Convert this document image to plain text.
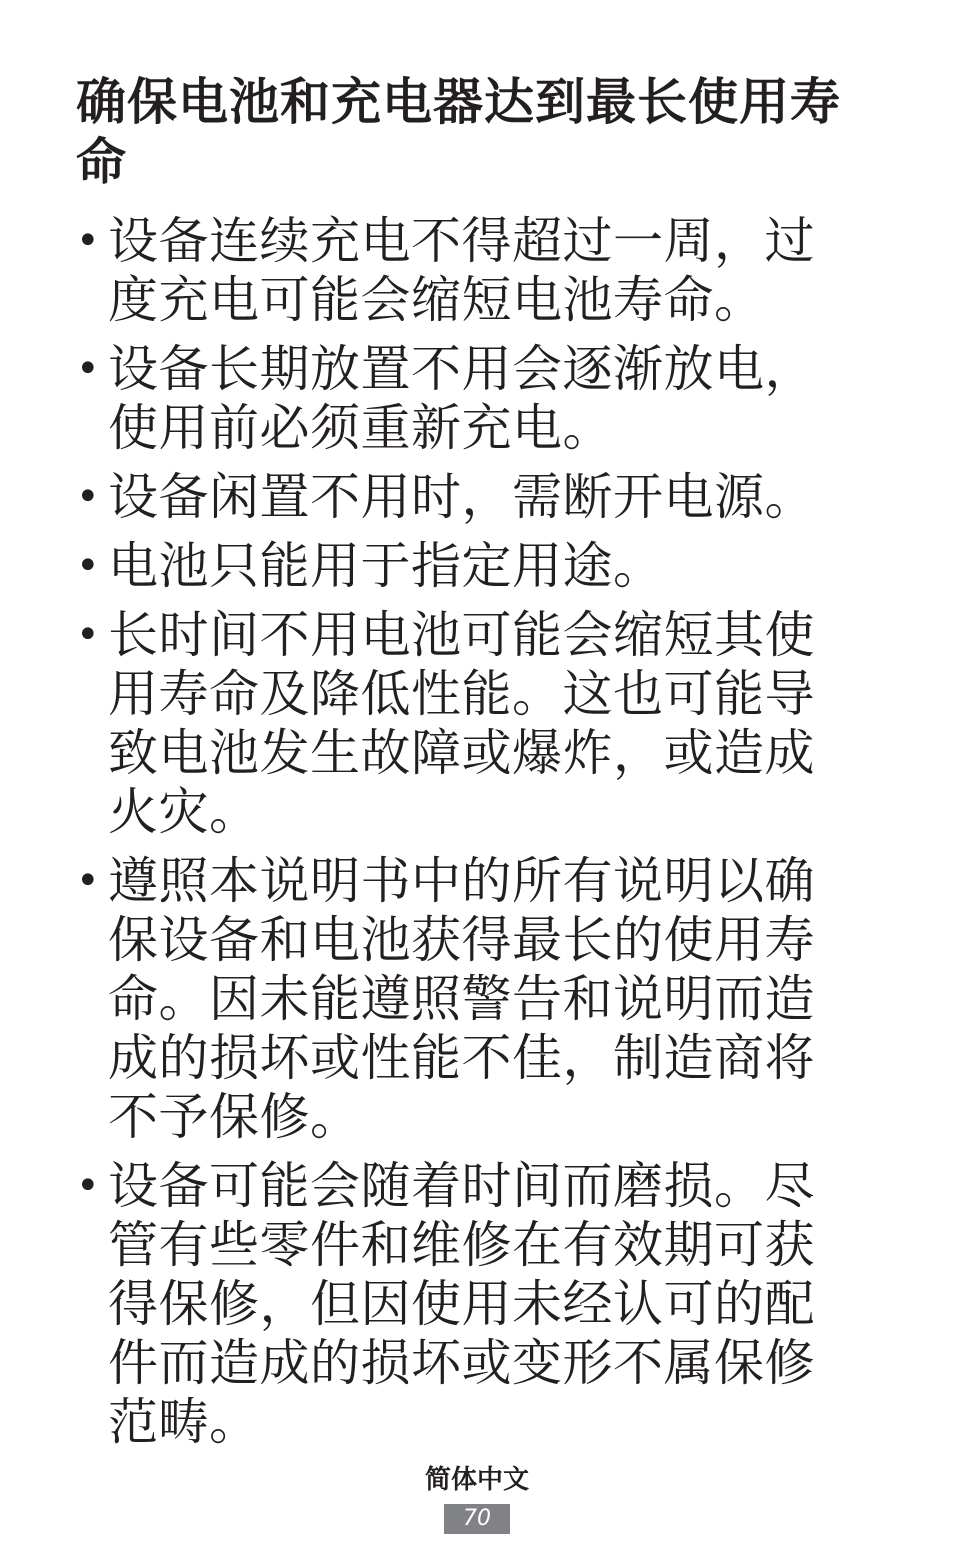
确保电池和充电器达到最长使用寿命
• 设备连续充电不得超过一周，过度充电可能会缩短电池寿命。
• 设备长期放置不用会逐渐放电，使用前必须重新充电。
• 设备闲置不用时，需断开电源。
• 电池只能用于指定用途。
• 长时间不用电池可能会缩短其使用寿命及降低性能。这也可能导致电池发生故障或爆炸，或造成火灾。
• 遵照本说明书中的所有说明以确保设备和电池获得最长的使用寿命。因未能遵照警告和说明而造成的损坏或性能不佳，制造商将不予保修。
• 设备可能会随着时间而磨损。尽管有些零件和维修在有效期可获得保修，但因使用未经认可的配件而造成的损坏或变形不属保修范畴。
简体中文
70
